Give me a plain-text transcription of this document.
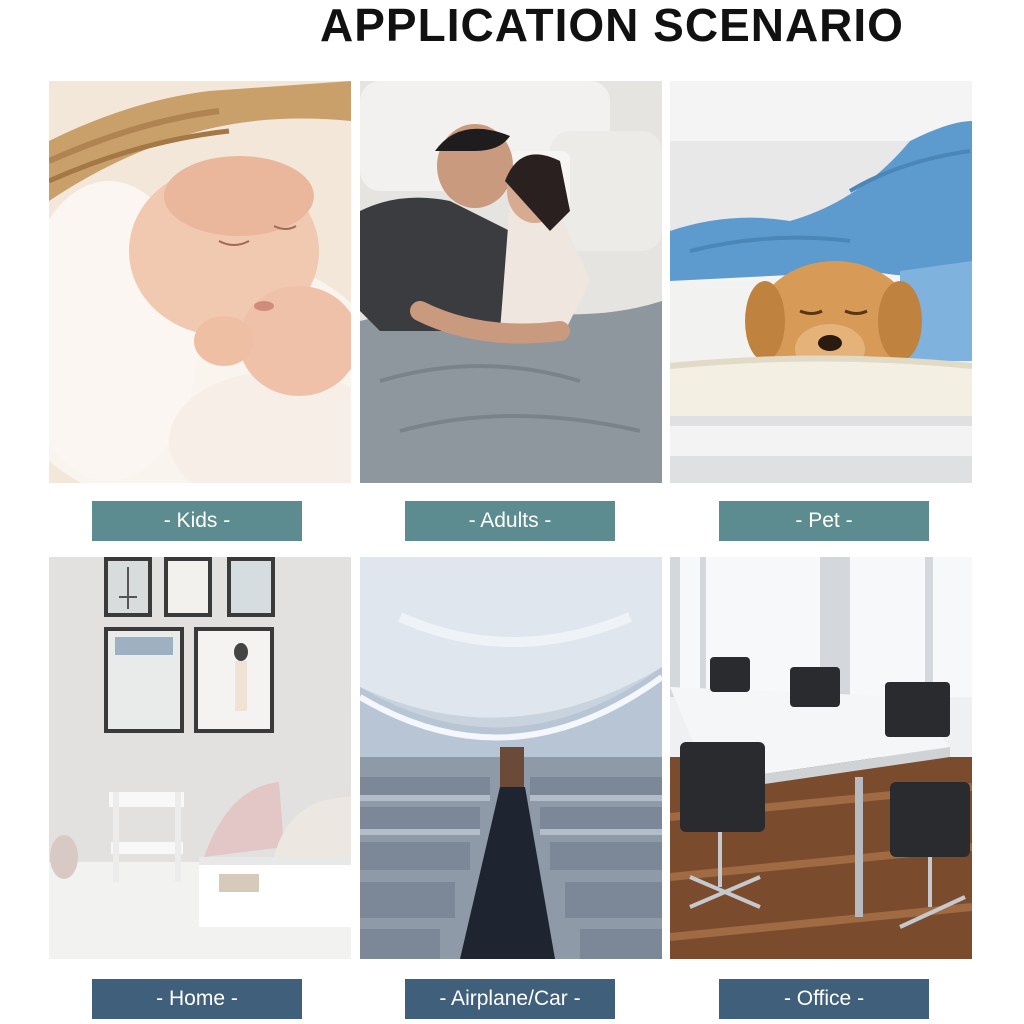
APPLICATION SCENARIO
- Kids -	- Adults -	- Pet -
- Home -	- Airplane/Car -	- Office -
